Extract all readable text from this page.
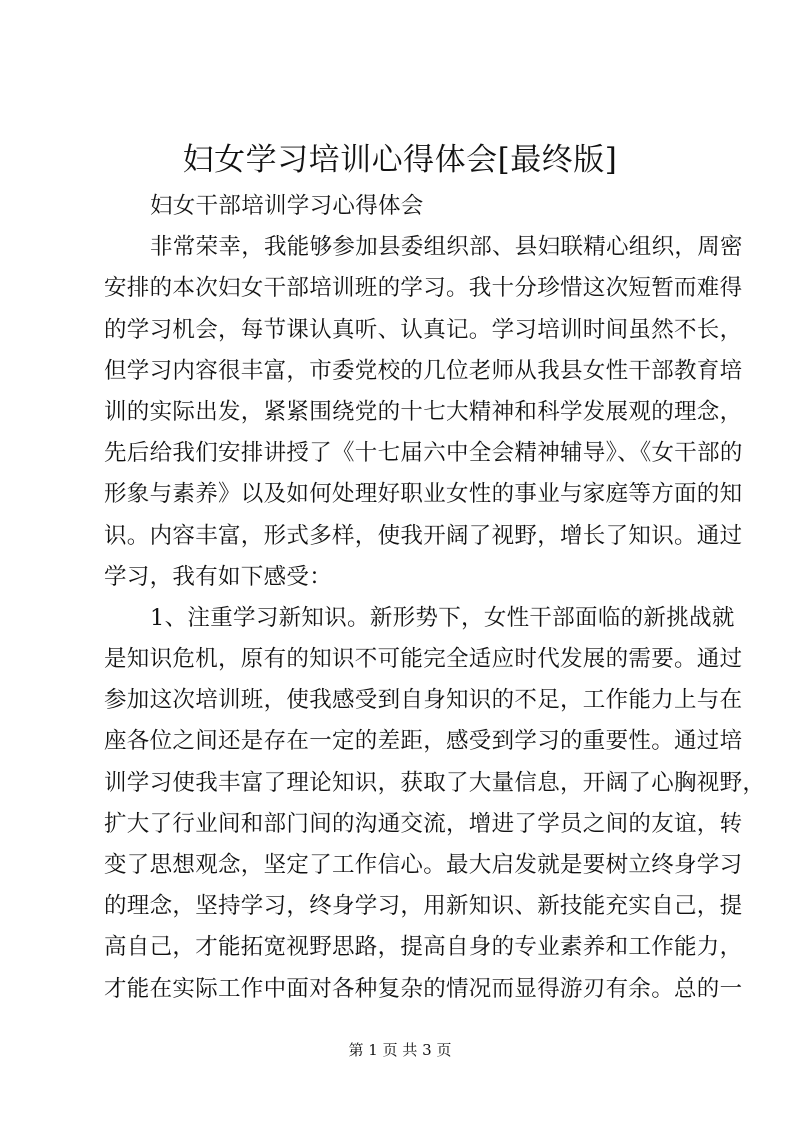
妇女学习培训心得体会[最终版]
妇女干部培训学习心得体会
非常荣幸，我能够参加县委组织部、县妇联精心组织，周密
安排的本次妇女干部培训班的学习。我十分珍惜这次短暂而难得
的学习机会，每节课认真听、认真记。学习培训时间虽然不长，
但学习内容很丰富，市委党校的几位老师从我县女性干部教育培
训的实际出发，紧紧围绕党的十七大精神和科学发展观的理念，
先后给我们安排讲授了《十七届六中全会精神辅导》、《女干部的
形象与素养》以及如何处理好职业女性的事业与家庭等方面的知
识。内容丰富，形式多样，使我开阔了视野，增长了知识。通过
学习，我有如下感受：
1、注重学习新知识。新形势下，女性干部面临的新挑战就
是知识危机，原有的知识不可能完全适应时代发展的需要。通过
参加这次培训班，使我感受到自身知识的不足，工作能力上与在
座各位之间还是存在一定的差距，感受到学习的重要性。通过培
训学习使我丰富了理论知识，获取了大量信息，开阔了心胸视野，
扩大了行业间和部门间的沟通交流，增进了学员之间的友谊，转
变了思想观念，坚定了工作信心。最大启发就是要树立终身学习
的理念，坚持学习，终身学习，用新知识、新技能充实自己，提
高自己，才能拓宽视野思路，提高自身的专业素养和工作能力，
才能在实际工作中面对各种复杂的情况而显得游刃有余。总的一
第 1 页 共 3 页
